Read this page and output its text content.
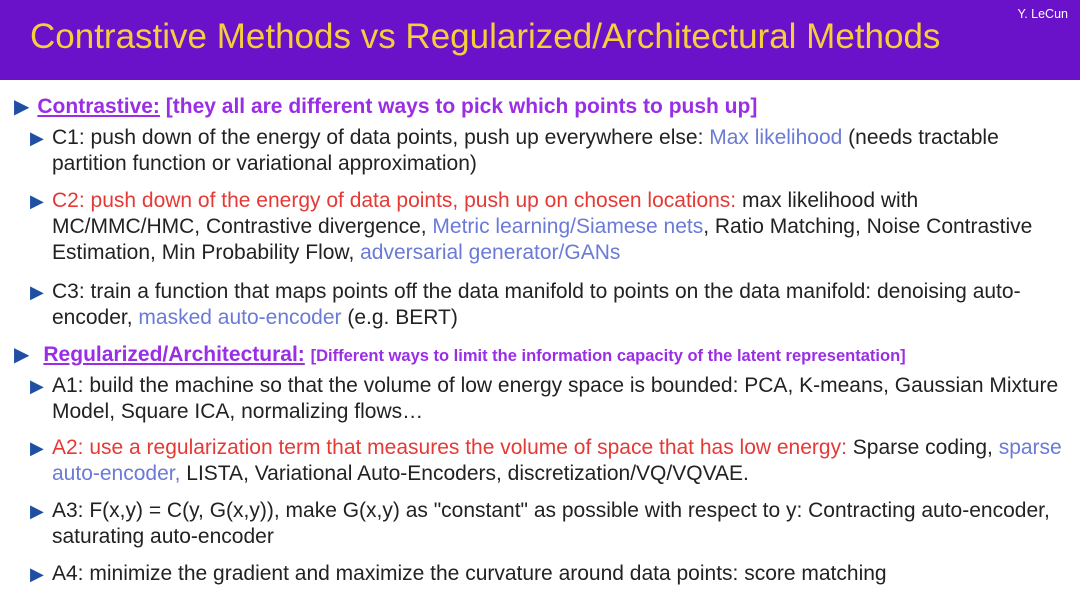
Contrastive Methods vs Regularized/Architectural Methods
Y. LeCun
▶ Contrastive: [they all are different ways to pick which points to push up]
▶ C1: push down of the energy of data points, push up everywhere else: Max likelihood (needs tractable partition function or variational approximation)
▶ C2: push down of the energy of data points, push up on chosen locations: max likelihood with MC/MMC/HMC, Contrastive divergence, Metric learning/Siamese nets, Ratio Matching, Noise Contrastive Estimation, Min Probability Flow, adversarial generator/GANs
▶ C3: train a function that maps points off the data manifold to points on the data manifold: denoising auto-encoder, masked auto-encoder (e.g. BERT)
▶ Regularized/Architectural: [Different ways to limit the information capacity of the latent representation]
▶ A1: build the machine so that the volume of low energy space is bounded: PCA, K-means, Gaussian Mixture Model, Square ICA, normalizing flows…
▶ A2: use a regularization term that measures the volume of space that has low energy: Sparse coding, sparse auto-encoder, LISTA, Variational Auto-Encoders, discretization/VQ/VQVAE.
▶ A3: F(x,y) = C(y, G(x,y)), make G(x,y) as "constant" as possible with respect to y: Contracting auto-encoder, saturating auto-encoder
▶ A4: minimize the gradient and maximize the curvature around data points: score matching
